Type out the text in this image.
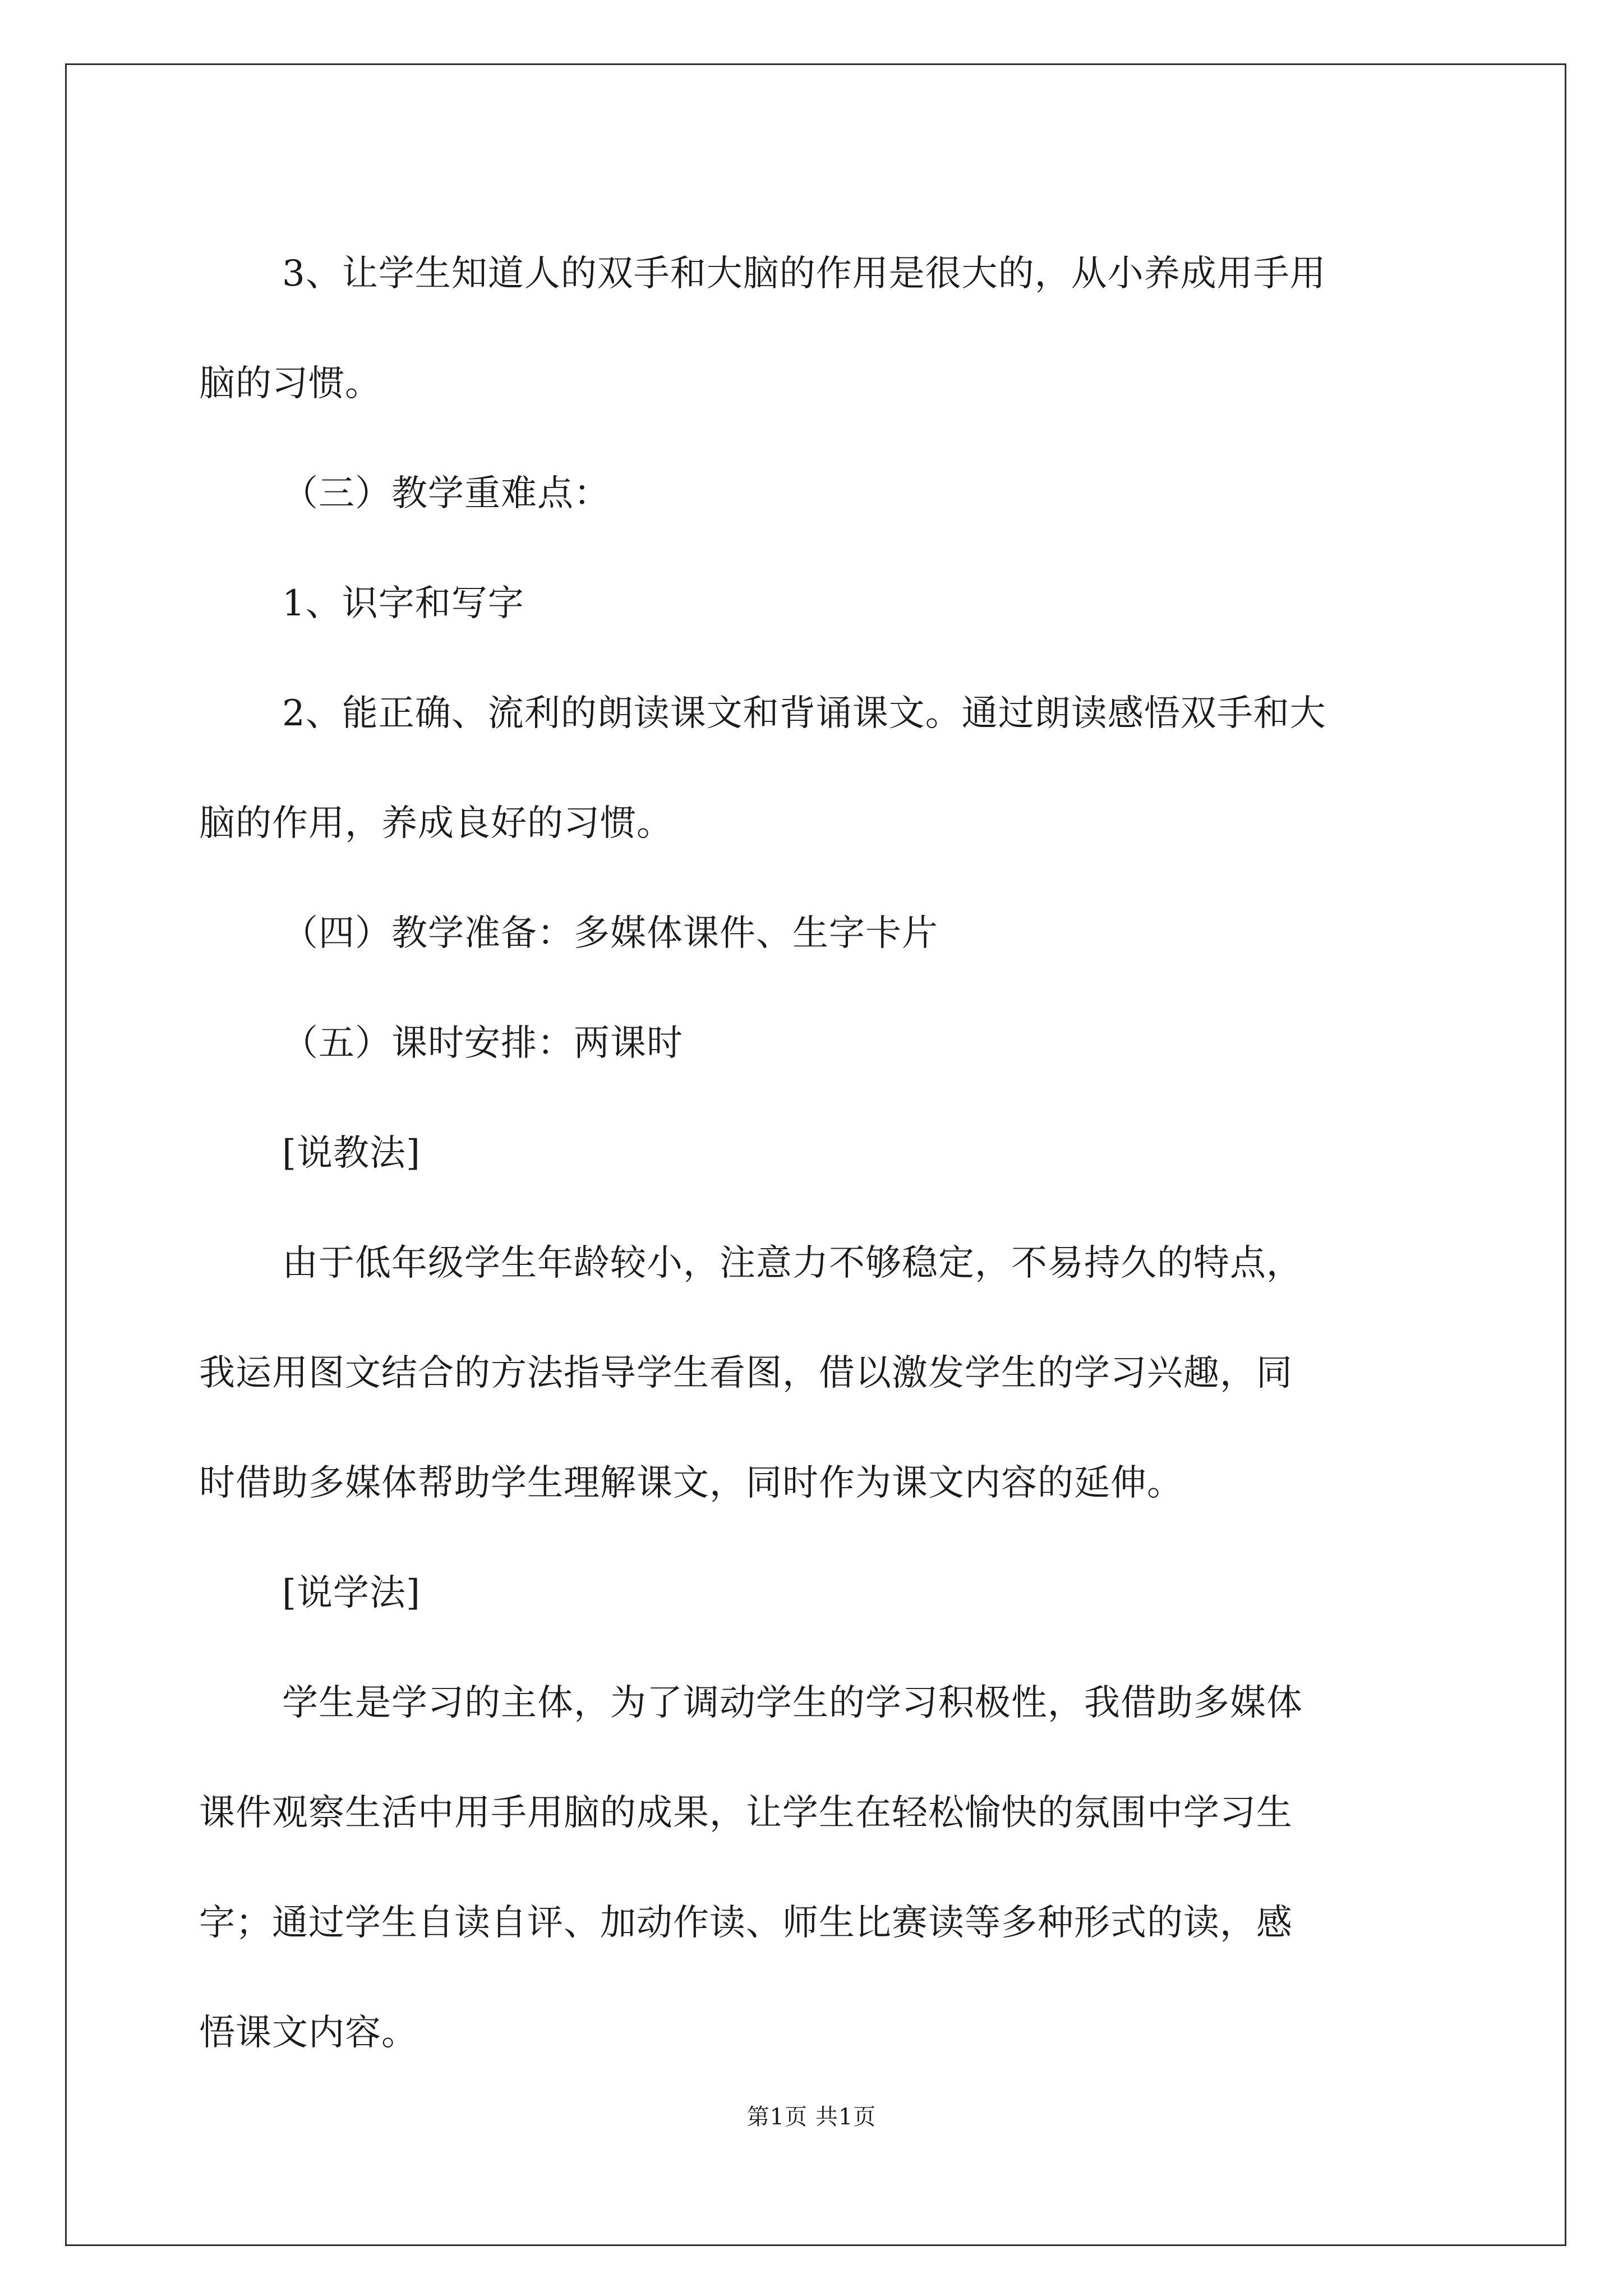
3、让学生知道人的双手和大脑的作用是很大的，从小养成用手用

脑的习惯。

（三）教学重难点：

1、识字和写字

2、能正确、流利的朗读课文和背诵课文。通过朗读感悟双手和大

脑的作用，养成良好的习惯。

（四）教学准备：多媒体课件、生字卡片

（五）课时安排：两课时

[说教法]

由于低年级学生年龄较小，注意力不够稳定，不易持久的特点，

我运用图文结合的方法指导学生看图，借以激发学生的学习兴趣，同

时借助多媒体帮助学生理解课文，同时作为课文内容的延伸。

[说学法]

学生是学习的主体，为了调动学生的学习积极性，我借助多媒体

课件观察生活中用手用脑的成果，让学生在轻松愉快的氛围中学习生

字；通过学生自读自评、加动作读、师生比赛读等多种形式的读，感

悟课文内容。

第1页 共1页
